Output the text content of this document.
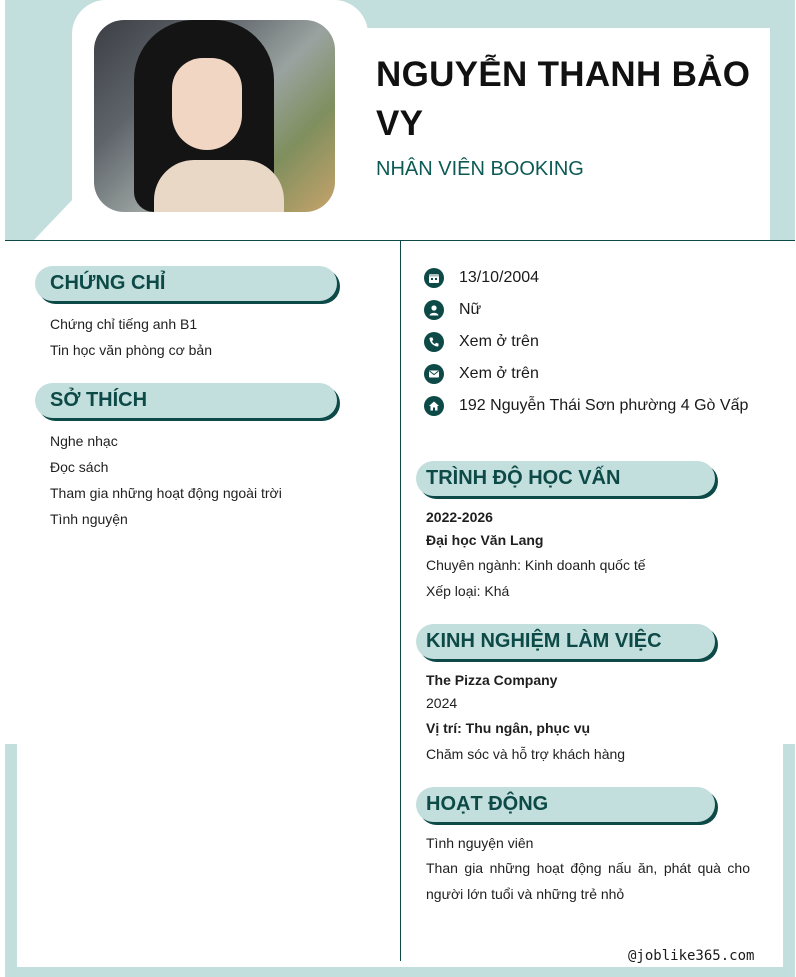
NGUYỄN THANH BẢO VY
NHÂN VIÊN BOOKING
CHỨNG CHỈ
Chứng chỉ tiếng anh B1
Tin học văn phòng cơ bản
SỞ THÍCH
Nghe nhạc
Đọc sách
Tham gia những hoạt động ngoài trời
Tình nguyện
13/10/2004
Nữ
Xem ở trên
Xem ở trên
192 Nguyễn Thái Sơn phường 4 Gò Vấp
TRÌNH ĐỘ HỌC VẤN
2022-2026
Đại học Văn Lang
Chuyên ngành: Kinh doanh quốc tế
Xếp loại: Khá
KINH NGHIỆM LÀM VIỆC
The Pizza Company
2024
Vị trí: Thu ngân, phục vụ
Chăm sóc và hỗ trợ khách hàng
HOẠT ĐỘNG
Tình nguyện viên
Than gia những hoạt động nấu ăn, phát quà cho người lớn tuổi và những trẻ nhỏ
@joblike365.com
